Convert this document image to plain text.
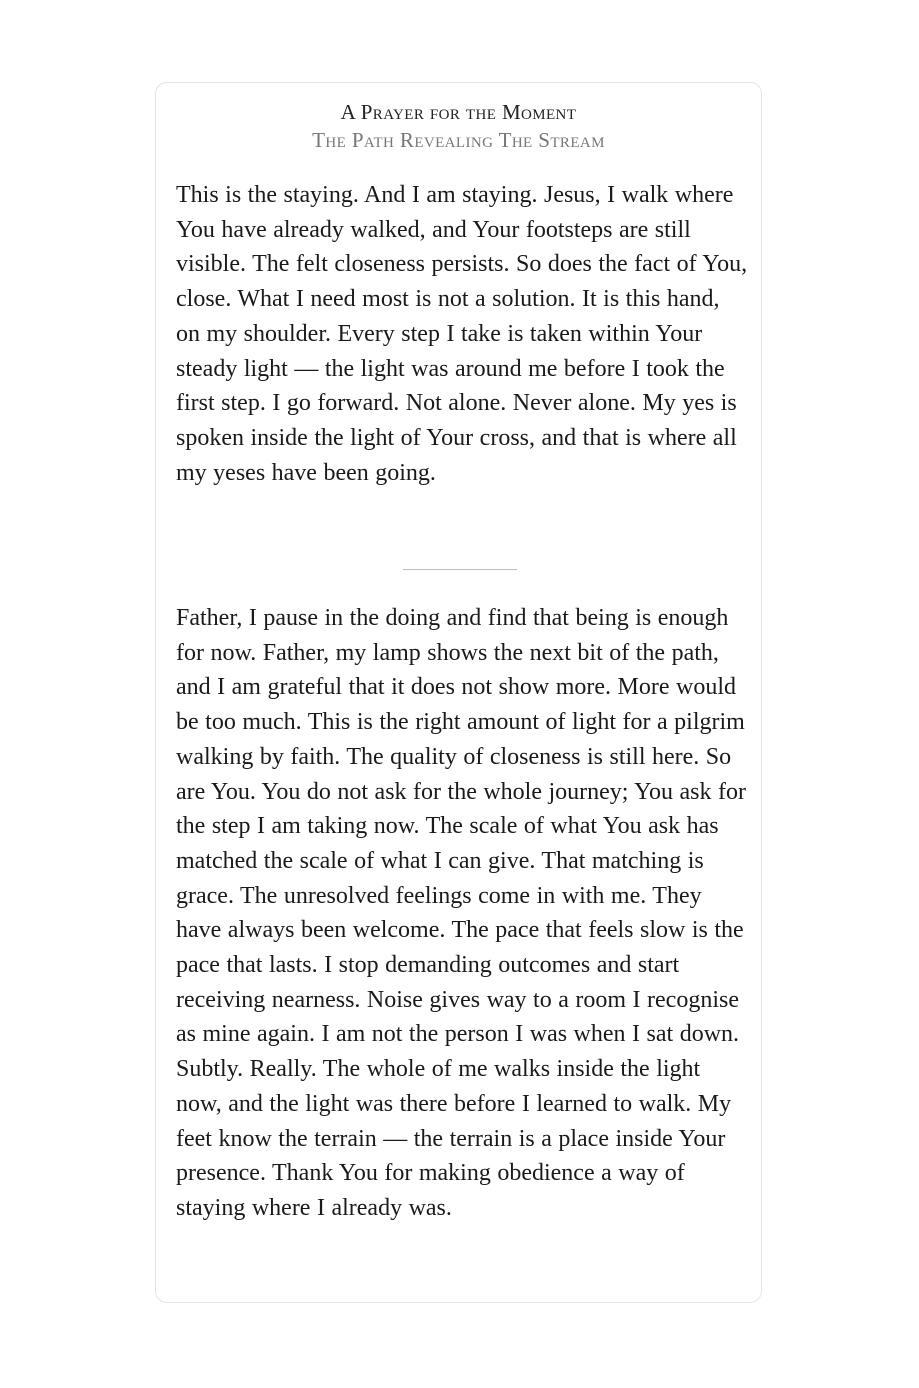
A Prayer for the Moment
The Path Revealing The Stream

This is the staying. And I am staying. Jesus, I walk where You have already walked, and Your footsteps are still visible. The felt closeness persists. So does the fact of You, close. What I need most is not a solution. It is this hand, on my shoulder. Every step I take is taken within Your steady light — the light was around me before I took the first step. I go forward. Not alone. Never alone. My yes is spoken inside the light of Your cross, and that is where all my yeses have been going.

Father, I pause in the doing and find that being is enough for now. Father, my lamp shows the next bit of the path, and I am grateful that it does not show more. More would be too much. This is the right amount of light for a pilgrim walking by faith. The quality of closeness is still here. So are You. You do not ask for the whole journey; You ask for the step I am taking now. The scale of what You ask has matched the scale of what I can give. That matching is grace. The unresolved feelings come in with me. They have always been welcome. The pace that feels slow is the pace that lasts. I stop demanding outcomes and start receiving nearness. Noise gives way to a room I recognise as mine again. I am not the person I was when I sat down. Subtly. Really. The whole of me walks inside the light now, and the light was there before I learned to walk. My feet know the terrain — the terrain is a place inside Your presence. Thank You for making obedience a way of staying where I already was.
